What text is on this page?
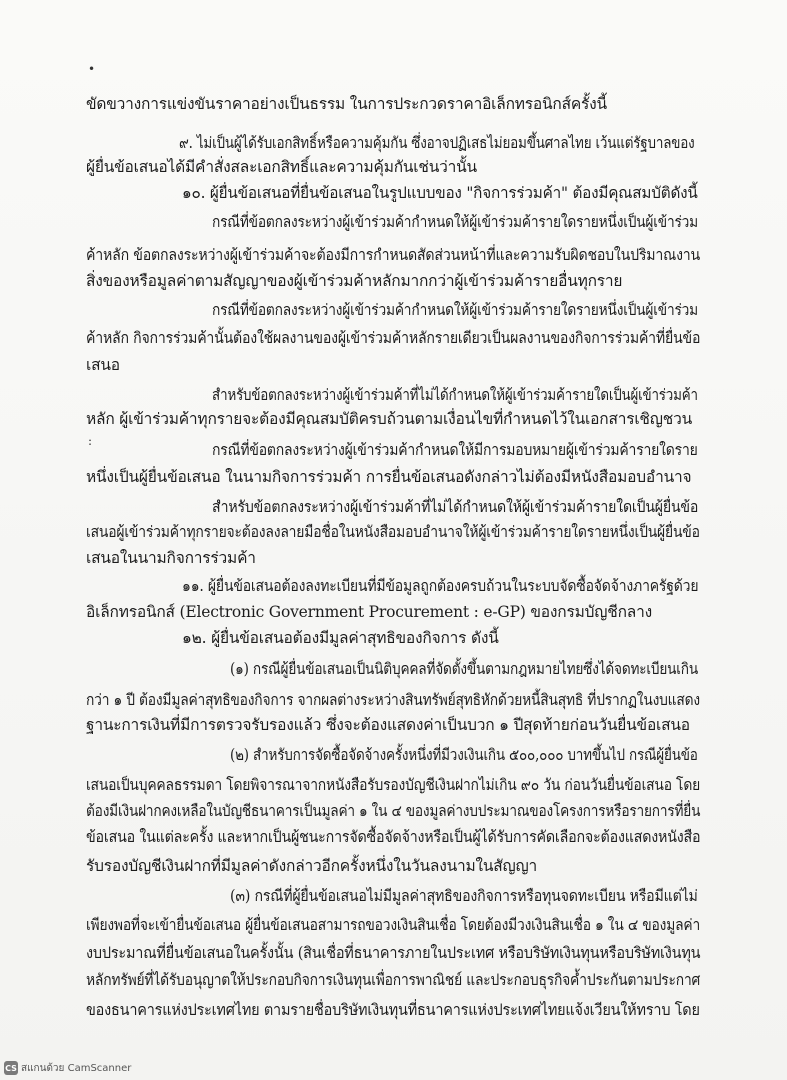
•
:
ขัดขวางการแข่งขันราคาอย่างเป็นธรรม ในการประกวดราคาอิเล็กทรอนิกส์ครั้งนี้
๙. ไม่เป็นผู้ได้รับเอกสิทธิ์หรือความคุ้มกัน ซึ่งอาจปฏิเสธไม่ยอมขึ้นศาลไทย เว้นแต่รัฐบาลของ
ผู้ยื่นข้อเสนอได้มีคำสั่งสละเอกสิทธิ์และความคุ้มกันเช่นว่านั้น
๑๐. ผู้ยื่นข้อเสนอที่ยื่นข้อเสนอในรูปแบบของ "กิจการร่วมค้า" ต้องมีคุณสมบัติดังนี้
กรณีที่ข้อตกลงระหว่างผู้เข้าร่วมค้ากำหนดให้ผู้เข้าร่วมค้ารายใดรายหนึ่งเป็นผู้เข้าร่วม
ค้าหลัก ข้อตกลงระหว่างผู้เข้าร่วมค้าจะต้องมีการกำหนดสัดส่วนหน้าที่และความรับผิดชอบในปริมาณงาน
สิ่งของหรือมูลค่าตามสัญญาของผู้เข้าร่วมค้าหลักมากกว่าผู้เข้าร่วมค้ารายอื่นทุกราย
กรณีที่ข้อตกลงระหว่างผู้เข้าร่วมค้ากำหนดให้ผู้เข้าร่วมค้ารายใดรายหนึ่งเป็นผู้เข้าร่วม
ค้าหลัก กิจการร่วมค้านั้นต้องใช้ผลงานของผู้เข้าร่วมค้าหลักรายเดียวเป็นผลงานของกิจการร่วมค้าที่ยื่นข้อ
เสนอ
สำหรับข้อตกลงระหว่างผู้เข้าร่วมค้าที่ไม่ได้กำหนดให้ผู้เข้าร่วมค้ารายใดเป็นผู้เข้าร่วมค้า
หลัก ผู้เข้าร่วมค้าทุกรายจะต้องมีคุณสมบัติครบถ้วนตามเงื่อนไขที่กำหนดไว้ในเอกสารเชิญชวน
กรณีที่ข้อตกลงระหว่างผู้เข้าร่วมค้ากำหนดให้มีการมอบหมายผู้เข้าร่วมค้ารายใดราย
หนึ่งเป็นผู้ยื่นข้อเสนอ ในนามกิจการร่วมค้า การยื่นข้อเสนอดังกล่าวไม่ต้องมีหนังสือมอบอำนาจ
สำหรับข้อตกลงระหว่างผู้เข้าร่วมค้าที่ไม่ได้กำหนดให้ผู้เข้าร่วมค้ารายใดเป็นผู้ยื่นข้อ
เสนอผู้เข้าร่วมค้าทุกรายจะต้องลงลายมือชื่อในหนังสือมอบอำนาจให้ผู้เข้าร่วมค้ารายใดรายหนึ่งเป็นผู้ยื่นข้อ
เสนอในนามกิจการร่วมค้า
๑๑. ผู้ยื่นข้อเสนอต้องลงทะเบียนที่มีข้อมูลถูกต้องครบถ้วนในระบบจัดซื้อจัดจ้างภาครัฐด้วย
อิเล็กทรอนิกส์ (Electronic Government Procurement : e-GP) ของกรมบัญชีกลาง
๑๒. ผู้ยื่นข้อเสนอต้องมีมูลค่าสุทธิของกิจการ ดังนี้
(๑) กรณีผู้ยื่นข้อเสนอเป็นนิติบุคคลที่จัดตั้งขึ้นตามกฎหมายไทยซึ่งได้จดทะเบียนเกิน
กว่า ๑ ปี ต้องมีมูลค่าสุทธิของกิจการ จากผลต่างระหว่างสินทรัพย์สุทธิหักด้วยหนี้สินสุทธิ ที่ปรากฏในงบแสดง
ฐานะการเงินที่มีการตรวจรับรองแล้ว ซึ่งจะต้องแสดงค่าเป็นบวก ๑ ปีสุดท้ายก่อนวันยื่นข้อเสนอ
(๒) สำหรับการจัดซื้อจัดจ้างครั้งหนึ่งที่มีวงเงินเกิน ๕๐๐,๐๐๐ บาทขึ้นไป กรณีผู้ยื่นข้อ
เสนอเป็นบุคคลธรรมดา โดยพิจารณาจากหนังสือรับรองบัญชีเงินฝากไม่เกิน ๙๐ วัน ก่อนวันยื่นข้อเสนอ โดย
ต้องมีเงินฝากคงเหลือในบัญชีธนาคารเป็นมูลค่า ๑ ใน ๔ ของมูลค่างบประมาณของโครงการหรือรายการที่ยื่น
ข้อเสนอ ในแต่ละครั้ง และหากเป็นผู้ชนะการจัดซื้อจัดจ้างหรือเป็นผู้ได้รับการคัดเลือกจะต้องแสดงหนังสือ
รับรองบัญชีเงินฝากที่มีมูลค่าดังกล่าวอีกครั้งหนึ่งในวันลงนามในสัญญา
(๓) กรณีที่ผู้ยื่นข้อเสนอไม่มีมูลค่าสุทธิของกิจการหรือทุนจดทะเบียน หรือมีแต่ไม่
เพียงพอที่จะเข้ายื่นข้อเสนอ ผู้ยื่นข้อเสนอสามารถขอวงเงินสินเชื่อ โดยต้องมีวงเงินสินเชื่อ ๑ ใน ๔ ของมูลค่า
งบประมาณที่ยื่นข้อเสนอในครั้งนั้น (สินเชื่อที่ธนาคารภายในประเทศ หรือบริษัทเงินทุนหรือบริษัทเงินทุน
หลักทรัพย์ที่ได้รับอนุญาตให้ประกอบกิจการเงินทุนเพื่อการพาณิชย์ และประกอบธุรกิจค้ำประกันตามประกาศ
ของธนาคารแห่งประเทศไทย ตามรายชื่อบริษัทเงินทุนที่ธนาคารแห่งประเทศไทยแจ้งเวียนให้ทราบ โดย
CS สแกนด้วย CamScanner
